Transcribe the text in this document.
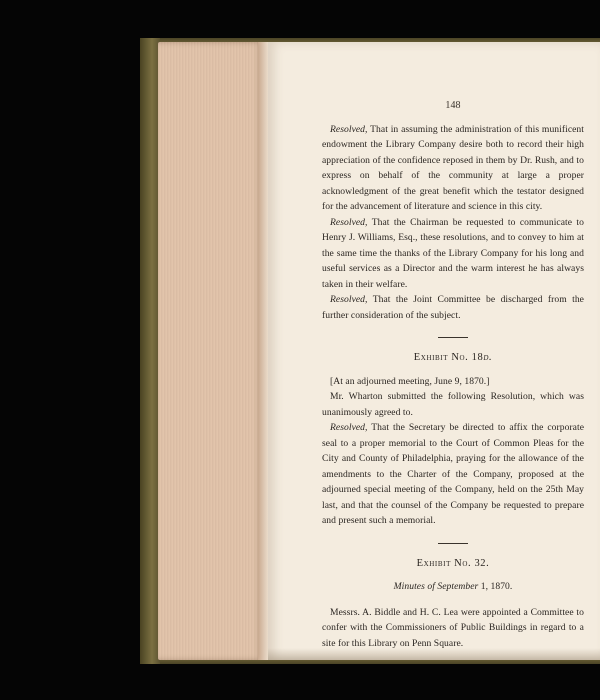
148

Resolved, That in assuming the administration of this munificent endowment the Library Company desire both to record their high appreciation of the confidence reposed in them by Dr. Rush, and to express on behalf of the community at large a proper acknowledgment of the great benefit which the testator designed for the advancement of literature and science in this city.

Resolved, That the Chairman be requested to communicate to Henry J. Williams, Esq., these resolutions, and to convey to him at the same time the thanks of the Library Company for his long and useful services as a Director and the warm interest he has always taken in their welfare.

Resolved, That the Joint Committee be discharged from the further consideration of the subject.

Exhibit No. 18d.

[At an adjourned meeting, June 9, 1870.]

Mr. Wharton submitted the following Resolution, which was unanimously agreed to.

Resolved, That the Secretary be directed to affix the corporate seal to a proper memorial to the Court of Common Pleas for the City and County of Philadelphia, praying for the allowance of the amendments to the Charter of the Company, proposed at the adjourned special meeting of the Company, held on the 25th May last, and that the counsel of the Company be requested to prepare and present such a memorial.

Exhibit No. 32.

Minutes of September 1, 1870.

Messrs. A. Biddle and H. C. Lea were appointed a Committee to confer with the Commissioners of Public Buildings in regard to a site for this Library on Penn Square.
